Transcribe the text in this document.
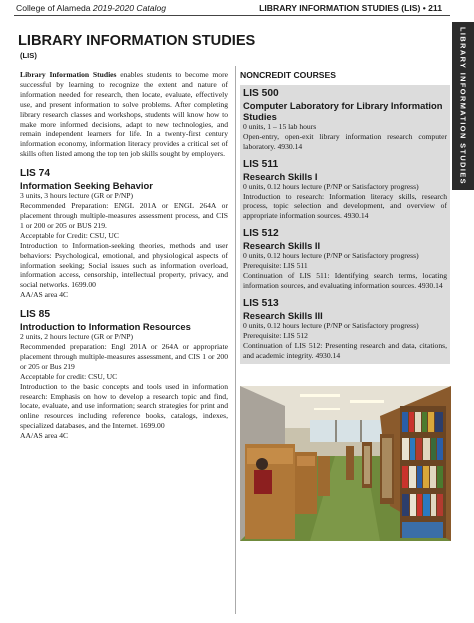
College of Alameda 2019-2020 Catalog	LIBRARY INFORMATION STUDIES (LIS) • 211
LIBRARY INFORMATION STUDIES
LIBRARY INFORMATION STUDIES
(LIS)

Library Information Studies enables students to become more successful by learning to recognize the extent and nature of information needed for research, then locate, evaluate, effectively use, and present information to solve problems. After completing library research classes and workshops, students will know how to make more informed decisions, adapt to new technologies, and remain independent learners for life. In a twenty-first century information economy, information literacy provides a critical set of skills often listed among the top ten job skills sought by employers.

LIS 74
Information Seeking Behavior
3 units, 3 hours lecture (GR or P/NP)

Recommended Preparation: ENGL 201A or ENGL 264A or placement through multiple-measures assessment process, and CIS 1 or 200 or 205 or BUS 219.

Acceptable for Credit: CSU, UC

Introduction to Information-seeking theories, methods and user behaviors: Psychological, emotional, and physiological aspects of information seeking; Social issues such as information overload, information access, censorship, intellectual property, privacy, and social networks. 1699.00

AA/AS area 4C
LIS 85
Introduction to Information Resources
2 units, 2 hours lecture (GR or P/NP)

Recommended preparation: Engl 201A or 264A or appropriate placement through multiple-measures assessment, and CIS 1 or 200 or 205 or Bus 219

Acceptable for credit: CSU, UC

Introduction to the basic concepts and tools used in information research: Emphasis on how to develop a research topic and find, locate, evaluate, and use information; search strategies for print and online resources including reference books, catalogs, indexes, specialized databases, and the Internet. 1699.00

AA/AS area 4C
NONCREDIT COURSES
LIS 500
Computer Laboratory for Library Information Studies
0 units, 1 – 15 lab hours

Open-entry, open-exit library information research computer laboratory. 4930.14

LIS 511
Research Skills I
0 units, 0.12 hours lecture (P/NP or Satisfactory progress)

Introduction to research: Information literacy skills, research process, topic selection and development, and overview of appropriate information sources. 4930.14

LIS 512
Research Skills II
0 units, 0.12 hours lecture (P/NP or Satisfactory progress)
Prerequisite: LIS 511

Continuation of LIS 511: Identifying search terms, locating information sources, and evaluating information sources. 4930.14

LIS 513
Research Skills III
0 units, 0.12 hours lecture (P/NP or Satisfactory progress)
Prerequisite: LIS 512

Continuation of LIS 512: Presenting research and data, citations, and academic integrity. 4930.14
